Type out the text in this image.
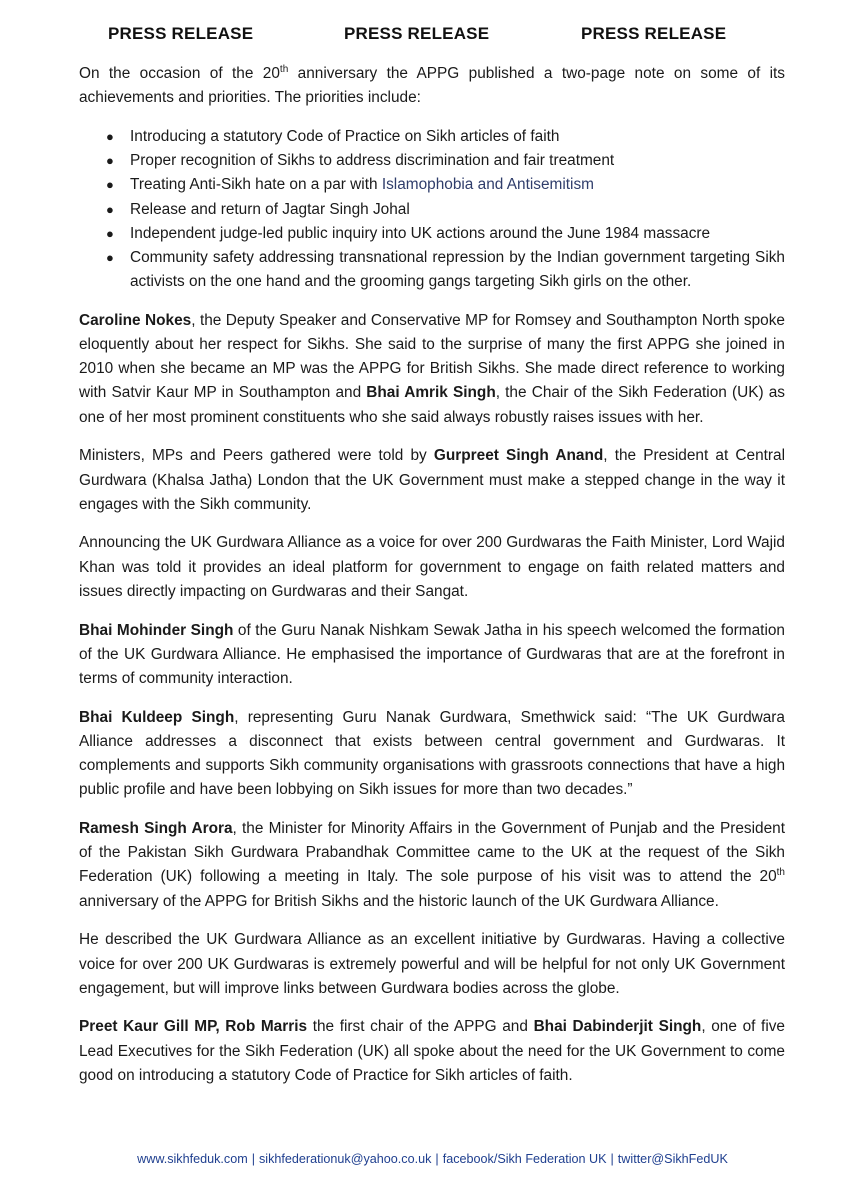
PRESS RELEASE	PRESS RELEASE	PRESS RELEASE

On the occasion of the 20th anniversary the APPG published a two-page note on some of its achievements and priorities. The priorities include:

● Introducing a statutory Code of Practice on Sikh articles of faith
● Proper recognition of Sikhs to address discrimination and fair treatment
● Treating Anti-Sikh hate on a par with Islamophobia and Antisemitism
● Release and return of Jagtar Singh Johal
● Independent judge-led public inquiry into UK actions around the June 1984 massacre
● Community safety addressing transnational repression by the Indian government targeting Sikh activists on the one hand and the grooming gangs targeting Sikh girls on the other.

Caroline Nokes, the Deputy Speaker and Conservative MP for Romsey and Southampton North spoke eloquently about her respect for Sikhs. She said to the surprise of many the first APPG she joined in 2010 when she became an MP was the APPG for British Sikhs. She made direct reference to working with Satvir Kaur MP in Southampton and Bhai Amrik Singh, the Chair of the Sikh Federation (UK) as one of her most prominent constituents who she said always robustly raises issues with her.

Ministers, MPs and Peers gathered were told by Gurpreet Singh Anand, the President at Central Gurdwara (Khalsa Jatha) London that the UK Government must make a stepped change in the way it engages with the Sikh community.

Announcing the UK Gurdwara Alliance as a voice for over 200 Gurdwaras the Faith Minister, Lord Wajid Khan was told it provides an ideal platform for government to engage on faith related matters and issues directly impacting on Gurdwaras and their Sangat.

Bhai Mohinder Singh of the Guru Nanak Nishkam Sewak Jatha in his speech welcomed the formation of the UK Gurdwara Alliance. He emphasised the importance of Gurdwaras that are at the forefront in terms of community interaction.

Bhai Kuldeep Singh, representing Guru Nanak Gurdwara, Smethwick said: “The UK Gurdwara Alliance addresses a disconnect that exists between central government and Gurdwaras. It complements and supports Sikh community organisations with grassroots connections that have a high public profile and have been lobbying on Sikh issues for more than two decades.”

Ramesh Singh Arora, the Minister for Minority Affairs in the Government of Punjab and the President of the Pakistan Sikh Gurdwara Prabandhak Committee came to the UK at the request of the Sikh Federation (UK) following a meeting in Italy. The sole purpose of his visit was to attend the 20th anniversary of the APPG for British Sikhs and the historic launch of the UK Gurdwara Alliance.

He described the UK Gurdwara Alliance as an excellent initiative by Gurdwaras. Having a collective voice for over 200 UK Gurdwaras is extremely powerful and will be helpful for not only UK Government engagement, but will improve links between Gurdwara bodies across the globe.

Preet Kaur Gill MP, Rob Marris the first chair of the APPG and Bhai Dabinderjit Singh, one of five Lead Executives for the Sikh Federation (UK) all spoke about the need for the UK Government to come good on introducing a statutory Code of Practice for Sikh articles of faith.

www.sikhfeduk.com | sikhfederationuk@yahoo.co.uk | facebook/Sikh Federation UK | twitter@SikhFedUK
